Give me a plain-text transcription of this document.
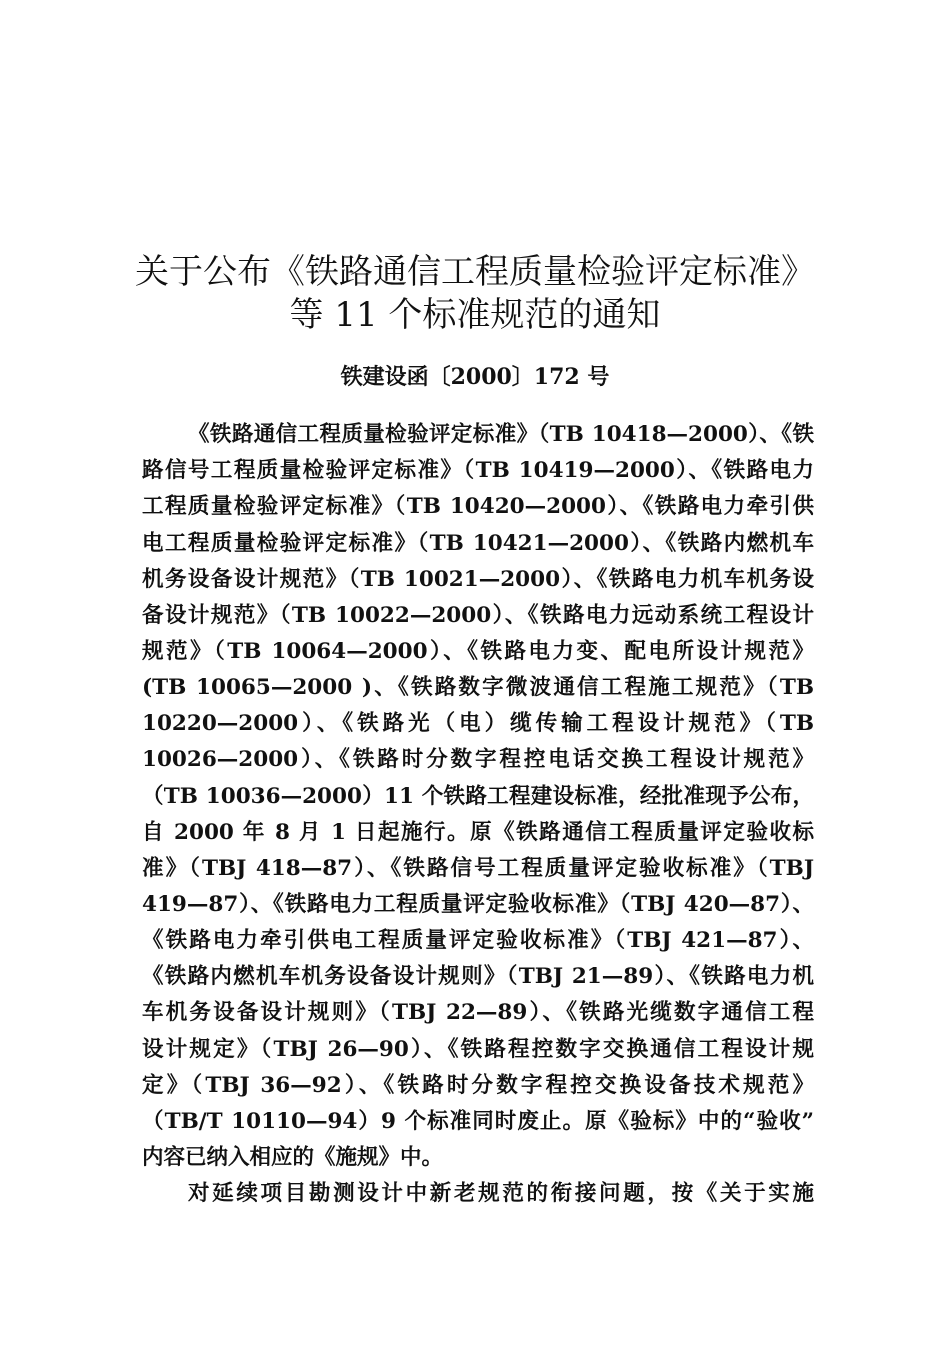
关于公布《铁路通信工程质量检验评定标准》
等 11 个标准规范的通知
铁建设函〔2000〕172 号
《铁路通信工程质量检验评定标准》（TB 10418—2000）、《铁
路信号工程质量检验评定标准》（TB 10419—2000）、《铁路电力
工程质量检验评定标准》（TB 10420—2000）、《铁路电力牵引供
电工程质量检验评定标准》（TB 10421—2000）、《铁路内燃机车
机务设备设计规范》（TB 10021—2000）、《铁路电力机车机务设
备设计规范》（TB 10022—2000）、《铁路电力远动系统工程设计
规范》（TB 10064—2000）、《铁路电力变、配电所设计规范》
(TB 10065—2000 )、《铁路数字微波通信工程施工规范》（TB
10220—2000）、《铁路光（电）缆传输工程设计规范》（TB
10026—2000）、《铁路时分数字程控电话交换工程设计规范》
（TB 10036—2000）11 个铁路工程建设标准，经批准现予公布，
自 2000 年 8 月 1 日起施行。原《铁路通信工程质量评定验收标
准》（TBJ 418—87）、《铁路信号工程质量评定验收标准》（TBJ
419—87）、《铁路电力工程质量评定验收标准》（TBJ 420—87）、
《铁路电力牵引供电工程质量评定验收标准》（TBJ 421—87）、
《铁路内燃机车机务设备设计规则》（TBJ 21—89）、《铁路电力机
车机务设备设计规则》（TBJ 22—89）、《铁路光缆数字通信工程
设计规定》（TBJ 26—90）、《铁路程控数字交换通信工程设计规
定》（TBJ 36—92）、《铁路时分数字程控交换设备技术规范》
（TB/T 10110—94）9 个标准同时废止。原《验标》中的“验收”
内容已纳入相应的《施规》中。
对延续项目勘测设计中新老规范的衔接问题，按《关于实施
